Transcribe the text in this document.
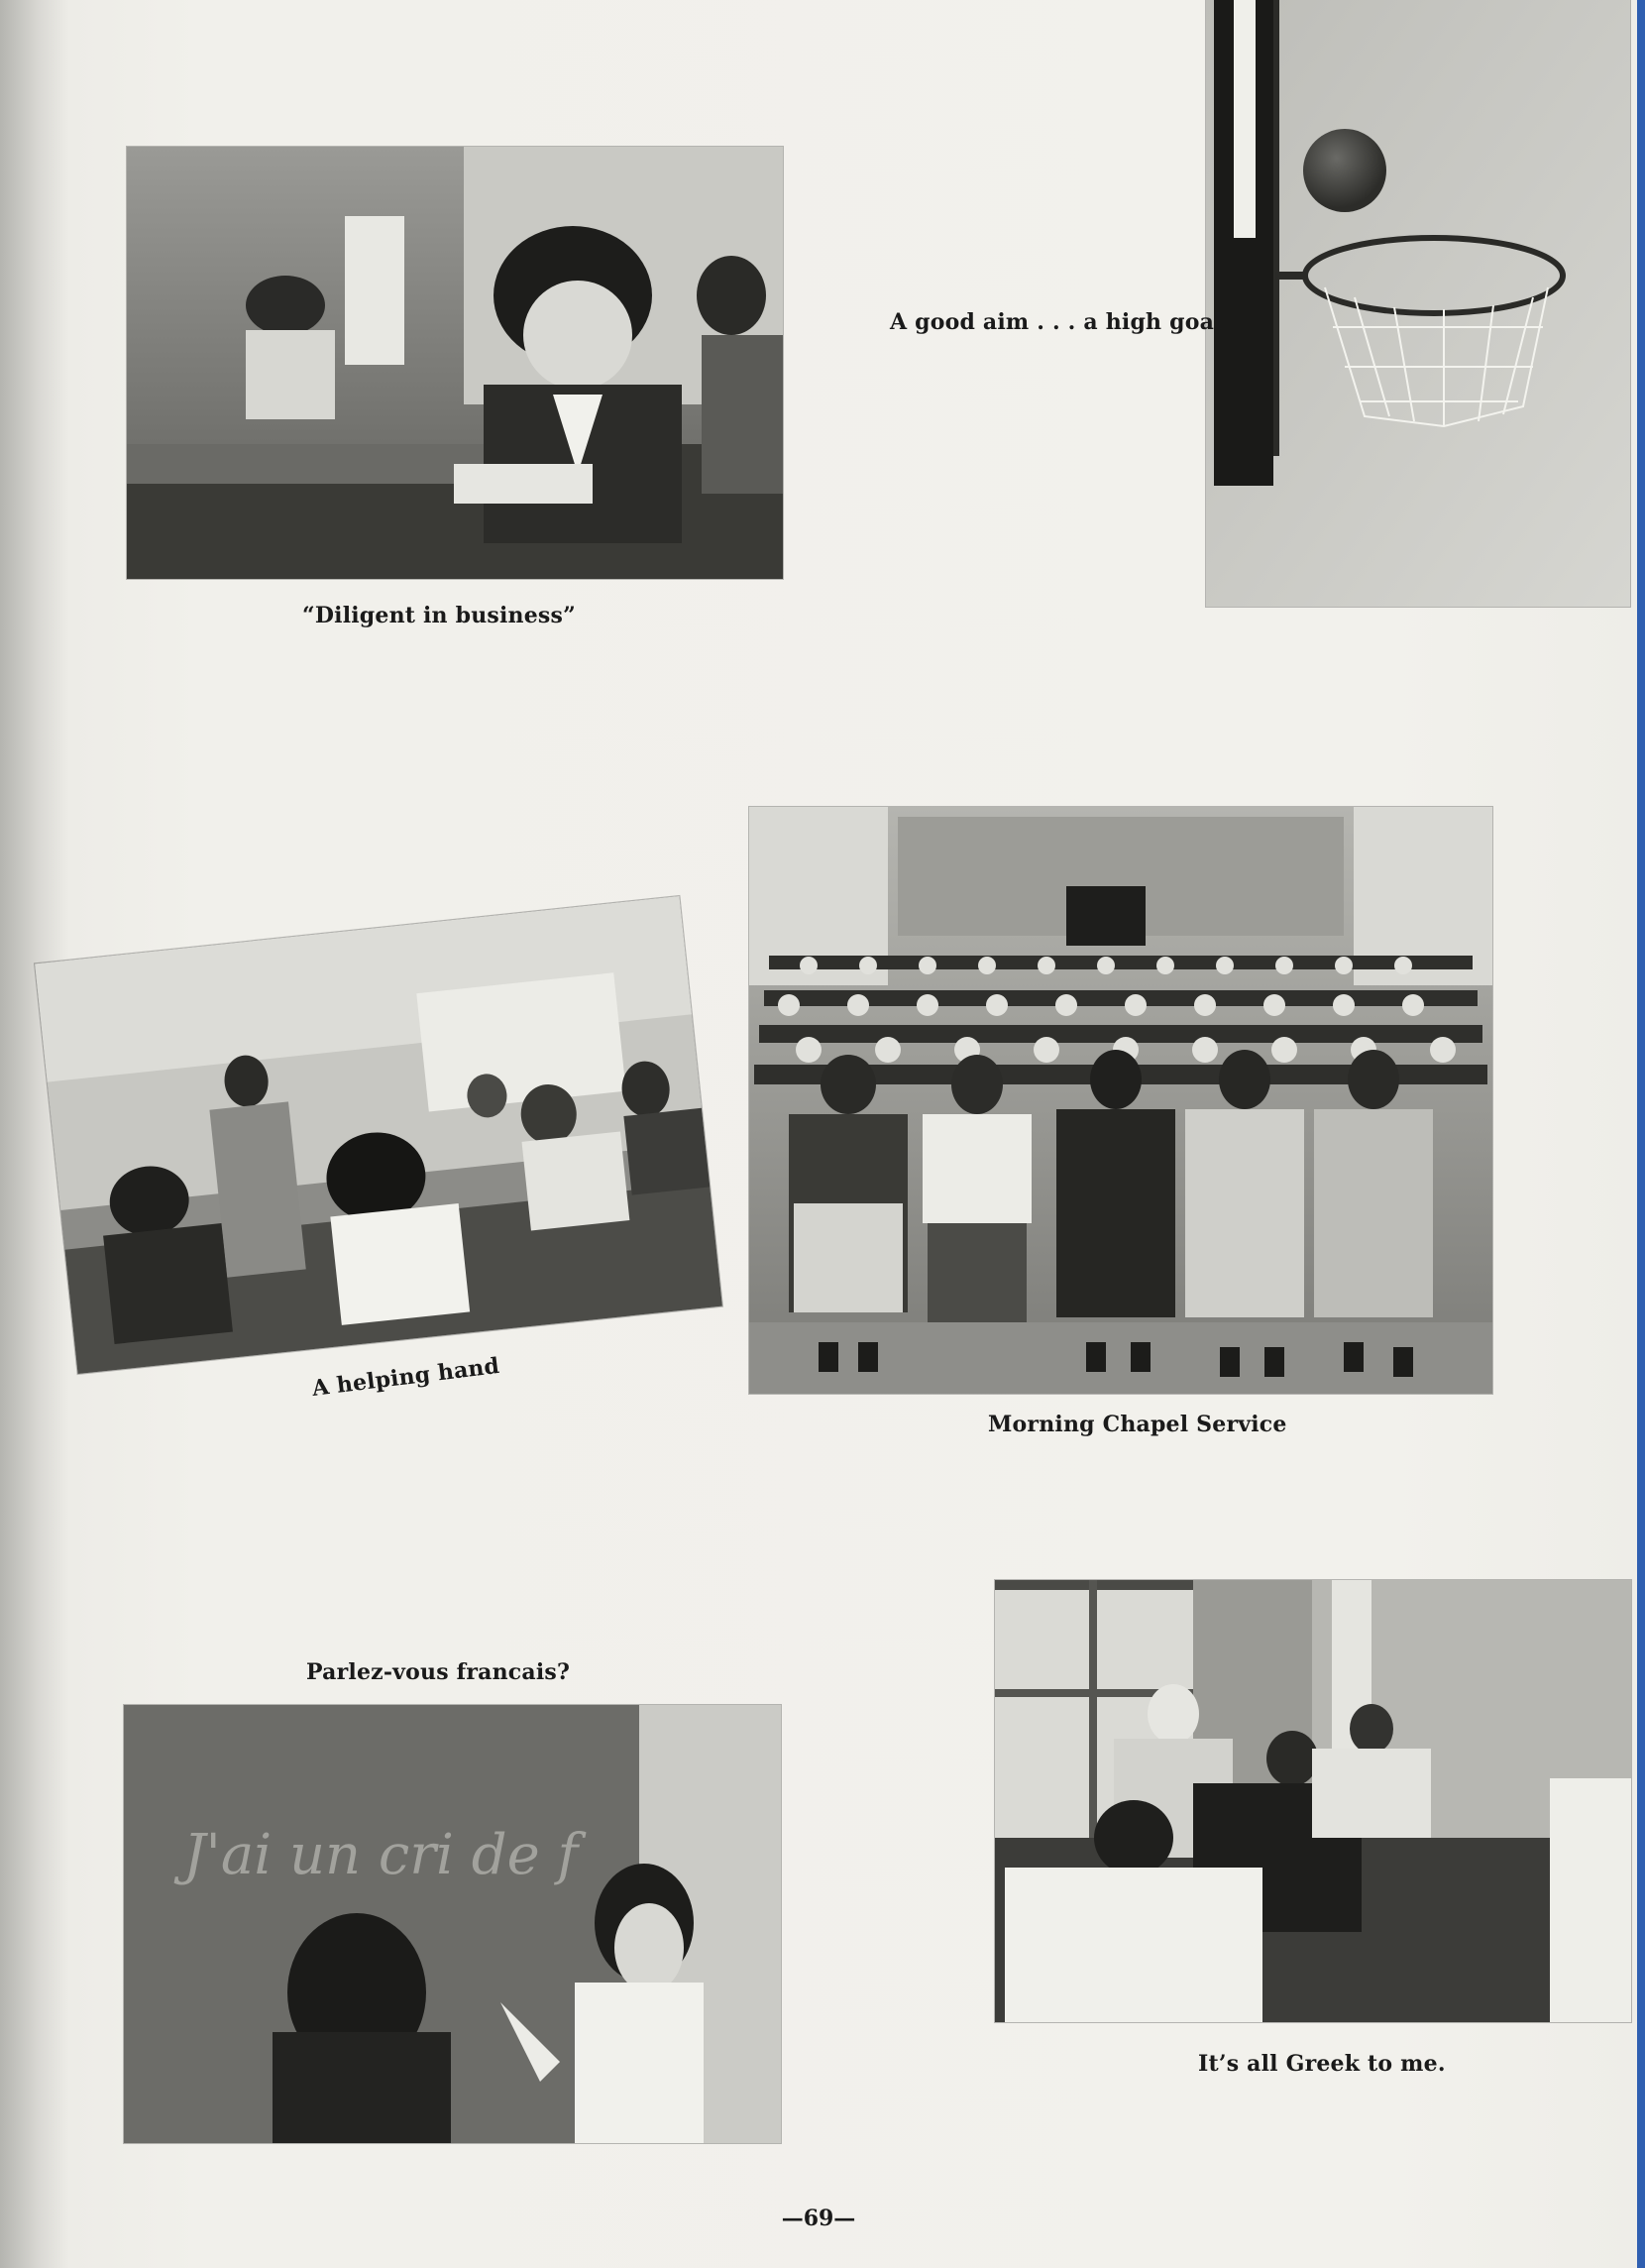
“Diligent in business”
A good aim . . . a high goal
A helping hand
Morning Chapel Service
Parlez-vous francais?
J'ai un cri de f
It’s all Greek to me.
—69—
